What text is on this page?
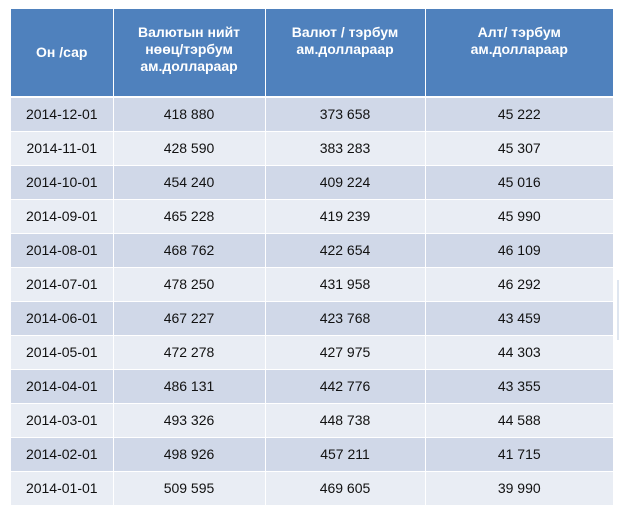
Он /сар	Валютын нийт нөөц/тэрбум ам.доллараар	Валют / тэрбум ам.доллараар	Алт/ тэрбум ам.доллараар
2014-12-01	418 880	373 658	45 222
2014-11-01	428 590	383 283	45 307
2014-10-01	454 240	409 224	45 016
2014-09-01	465 228	419 239	45 990
2014-08-01	468 762	422 654	46 109
2014-07-01	478 250	431 958	46 292
2014-06-01	467 227	423 768	43 459
2014-05-01	472 278	427 975	44 303
2014-04-01	486 131	442 776	43 355
2014-03-01	493 326	448 738	44 588
2014-02-01	498 926	457 211	41 715
2014-01-01	509 595	469 605	39 990
